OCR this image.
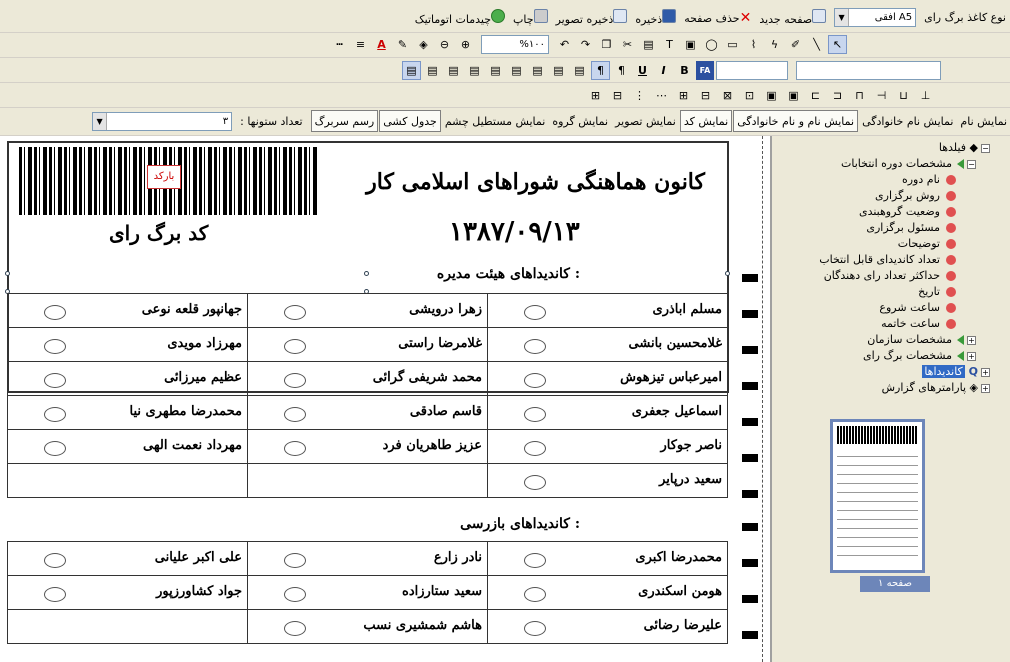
نوع کاغذ برگ رای
▼	A5 افقی
صفحه جدید
✕حذف صفحه
ذخیره
ذخیره تصویر
چاپ
چیدمات اتوماتیک
┅	≡	A	✎	◈	⊖	⊕	%۱۰۰	↶	↷	❐	✂	▤	T	▣ ◯ ▭	⌇	ϟ	✐	╲	↖
▤ ▤ ▤ ▤ ▤ ▤ ▤ ▤ ▤	¶	¶	U	I	B	FA
⊞	⊟	⋮	⋯	⊞	⊟	⊠	⊡	▣	▣	⊏	⊐	⊓	⊣	⊔	⊥
نمایش نام
نمایش نام خانوادگی
نمایش نام و نام خانوادگی
نمایش کد
نمایش تصویر
نمایش گروه
نمایش مستطیل چشم
جدول کشی
رسم سربرگ
تعداد ستونها :
▼	۳
بارکد	کانون هماهنگی شوراهای اسلامی کار
کد برگ رای	۱۳۸۷/۰۹/۱۳
کاندیداهای هیئت مدیره :
جهانپور قلعه نوعی	زهرا درویشی	مسلم اباذری

مهرزاد مویدی	غلامرضا راستی	غلامحسین بانشی

عظیم میرزائی	محمد شریفی گرائی	امیرعباس تیزهوش

محمدرضا مطهری نیا	قاسم صادقی	اسماعیل جعفری

مهرداد نعمت الهی	عزیز طاهریان فرد	ناصر جوکار

		سعید درپایر
کاندیداهای بازرسی :
علی اکبر علیانی	نادر زارع	محمدرضا اکبری

جواد کشاورزپور	سعید ستارزاده	هومن اسکندری

	هاشم شمشیری نسب	علیرضا رضائی
−◆ فیلدها
−مشخصات دوره انتخابات
نام دوره
روش برگزاری
وضعیت گروهبندی
مسئول برگزاری
توضیحات
تعداد کاندیدای قابل انتخاب
حداکثر تعداد رای دهندگان
تاریخ
ساعت شروع
ساعت خاتمه
+مشخصات سازمان
+مشخصات برگ رای
+Q کاندیداها
+◈ پارامترهای گزارش
صفحه ۱
